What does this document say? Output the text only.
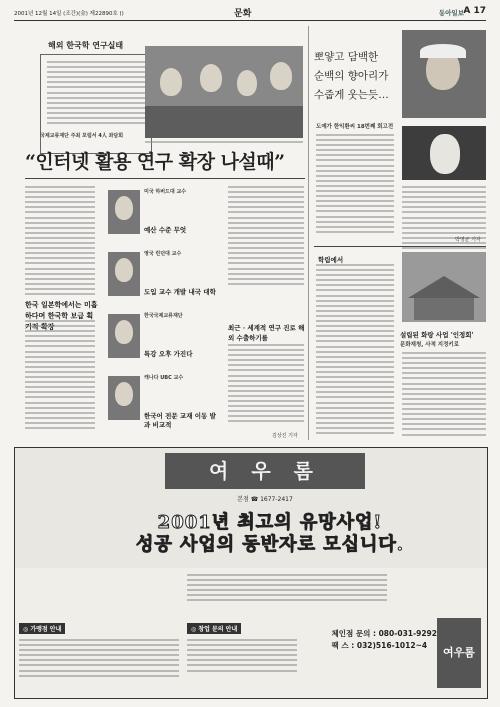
2001년 12월 14일 (조간)(金) 제22890호 ()	문화	동아일보 A 17
해외 한국학 연구실태
국제교류재단 주최 포럼서 4人 좌담회
“인터넷 활용 연구 확장 나설때”
한국 일본학에서는 미흡하다며 한국학 보급 획
미국 하버드대 교수
예산 수준 무엇
영국 런던대 교수
도입 교수 개발 내국 대학
한국국제교류재단
특강 오후 가진다
캐나다 UBC 교수
한국어 전문 교재 이동 발과 비교적
최근 · 세계적 연구 진로 해외 수출하기를
김상진 기자
뽀얗고 담백한
순백의 향아리가
수줍게 웃는듯…
도예가 한익환씨 18번째 회고전
박영균 기자
학림에서
설립된 화랑 사업 '인정회'
문화재청, 사적 지정키로
여 우 롬
본점 ☎ 1677-2417
2001년 최고의 유망사업!
성공 사업의 동반자로 모십니다.
◎ 가맹점 안내	◎ 창업 문의 안내	체인점 문의 : 080-031-9292
팩 스 : 032)516-1012~4
여우롬
